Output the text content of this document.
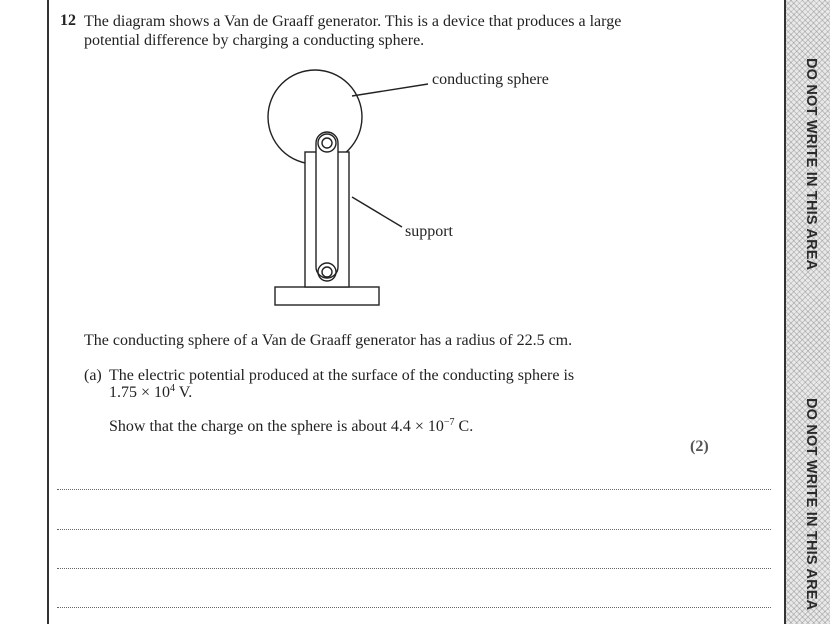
DO NOT WRITE IN THIS AREA
DO NOT WRITE IN THIS AREA
12 The diagram shows a Van de Graaff generator. This is a device that produces a large
potential difference by charging a conducting sphere.
conducting sphere
support
The conducting sphere of a Van de Graaff generator has a radius of 22.5 cm.
(a) The electric potential produced at the surface of the conducting sphere is
$1.75 \times 10^4$ V.
Show that the charge on the sphere is about $4.4 \times 10^{-7}$ C.
(2)
